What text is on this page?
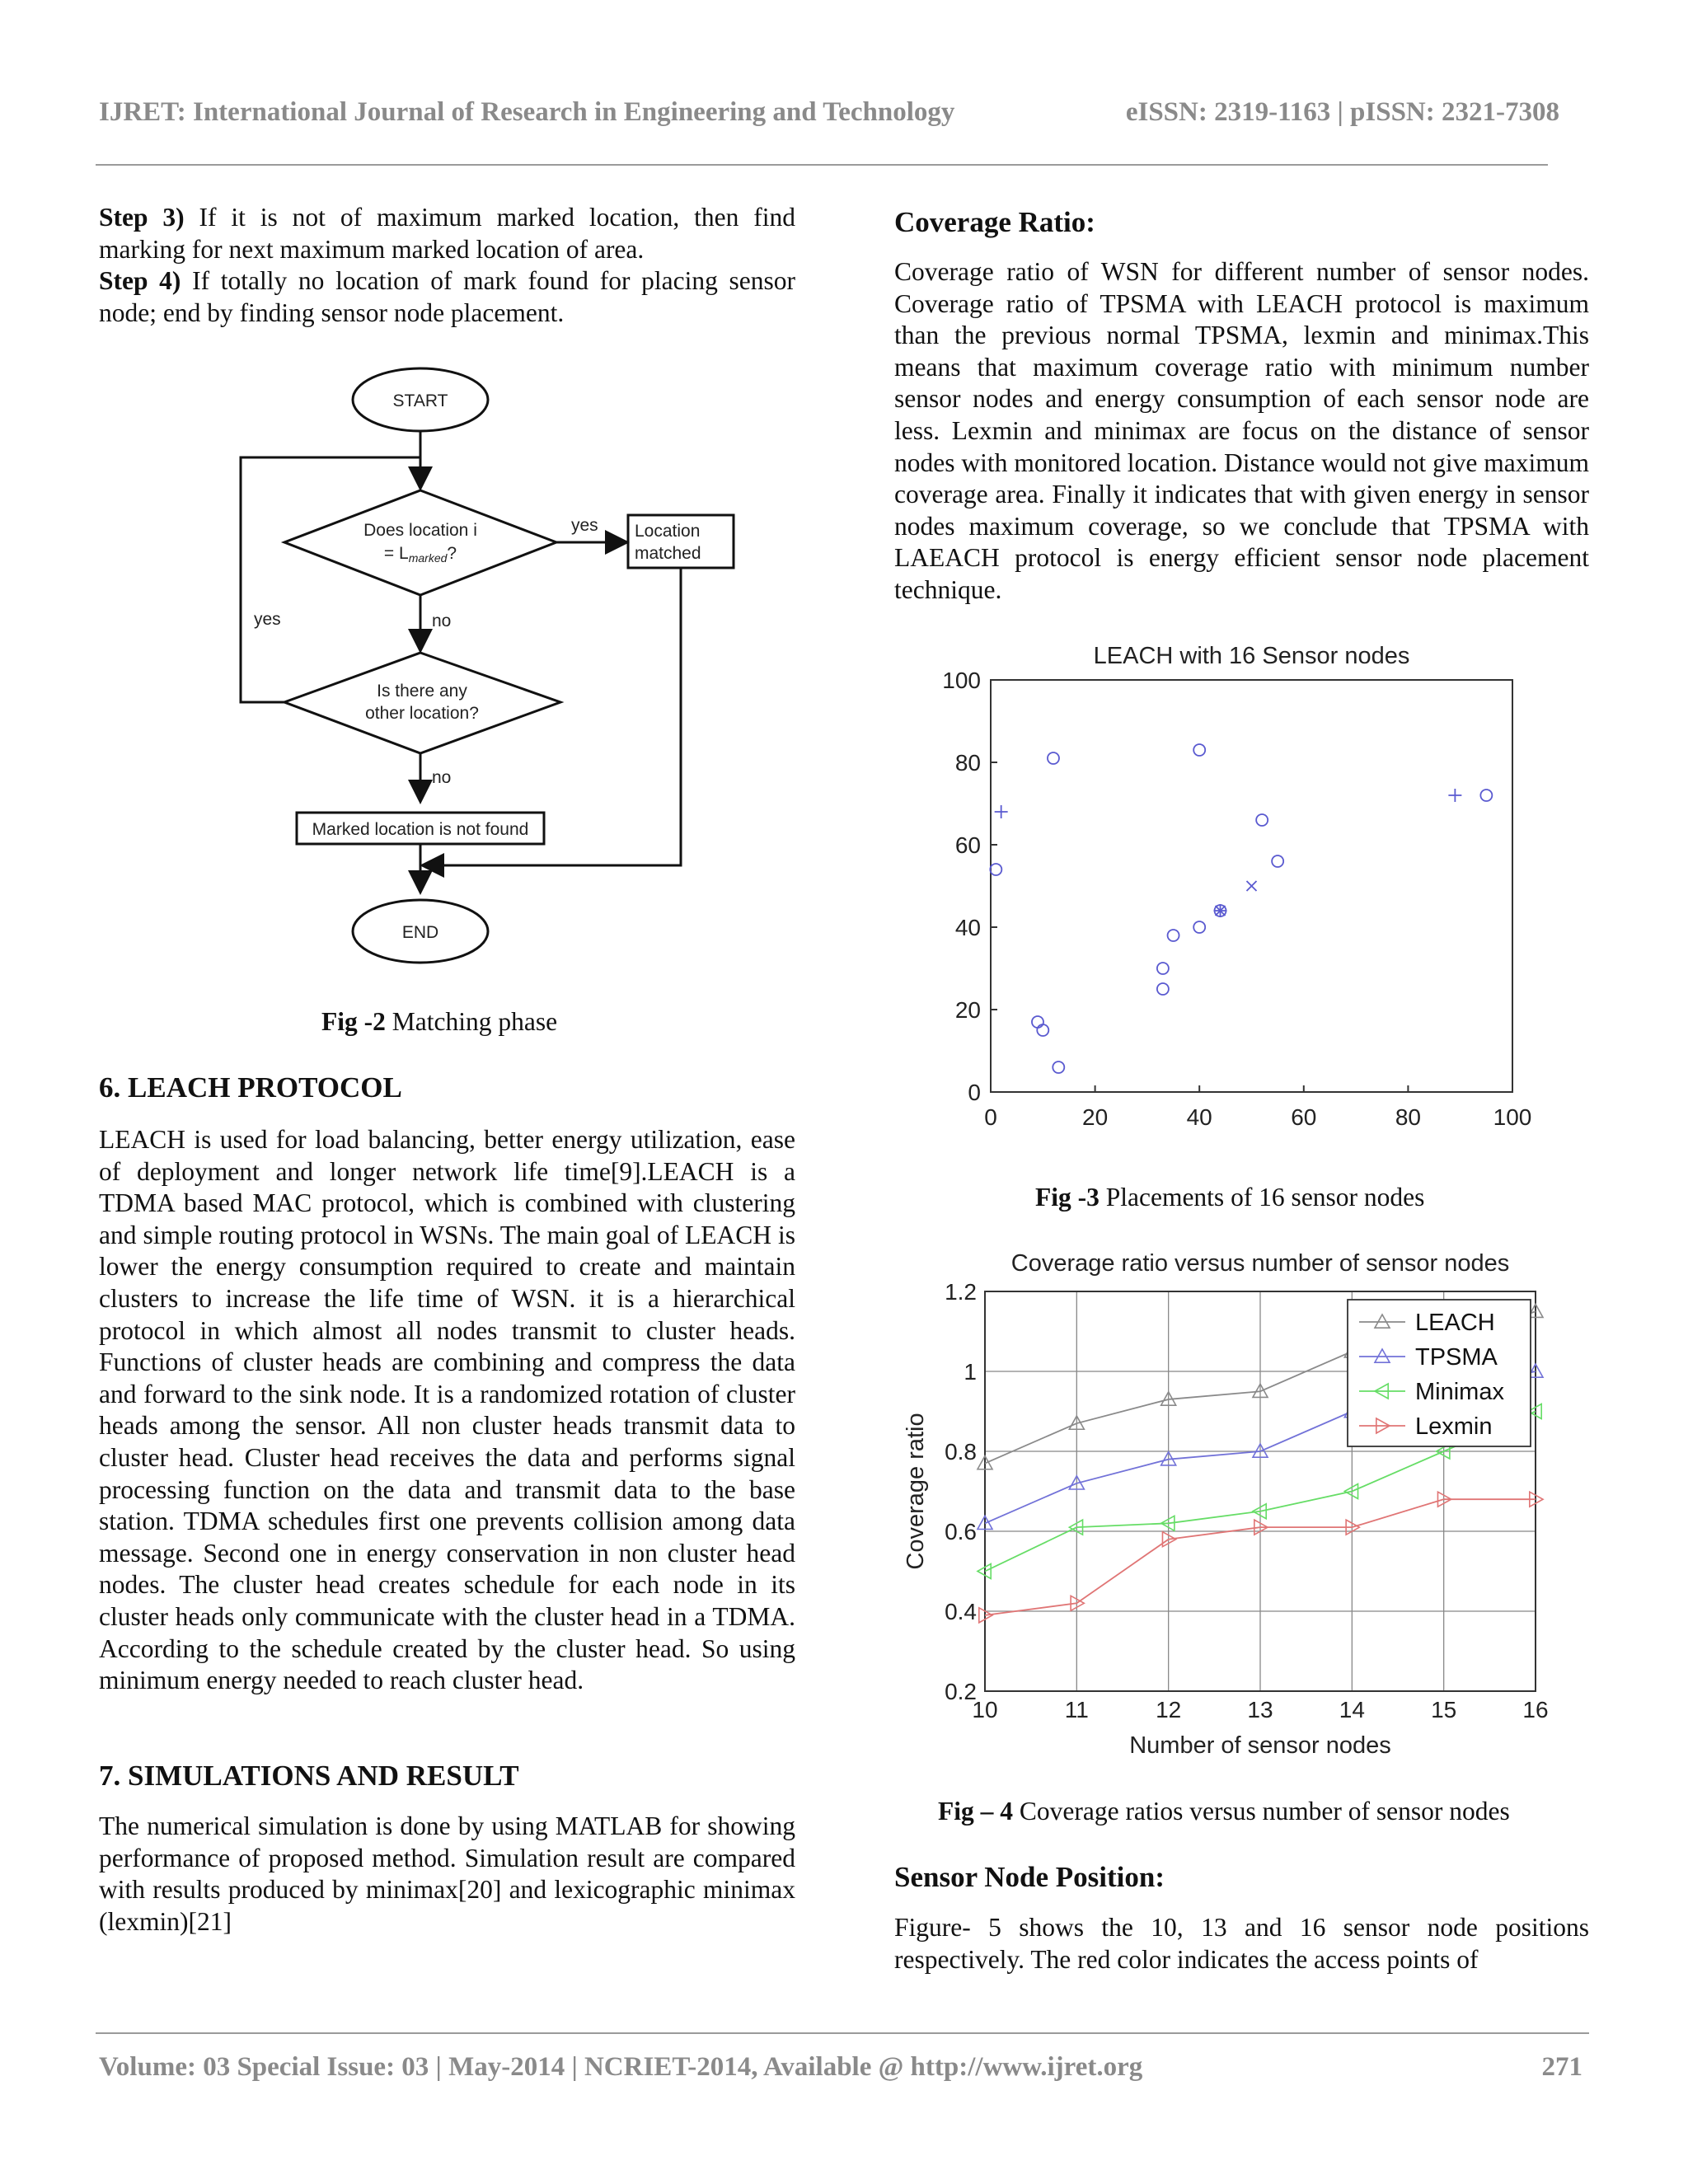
IJRET: International Journal of Research in Engineering and Technology	eISSN: 2319-1163 | pISSN: 2321-7308

Step 3) If it is not of maximum marked location, then find marking for next maximum marked location of area.

Step 4) If totally no location of mark found for placing sensor node; end by finding sensor node placement.

START
Does location i
= Lmarked?
yes Location
matched
yes	no
Is there any
other location?
no
Marked location is not found
END
Fig -2 Matching phase
6. LEACH PROTOCOL

LEACH is used for load balancing, better energy utilization, ease of deployment and longer network life time[9].LEACH is a TDMA based MAC protocol, which is combined with clustering and simple routing protocol in WSNs. The main goal of LEACH is lower the energy consumption required to create and maintain clusters to increase the life time of WSN. it is a hierarchical protocol in which almost all nodes transmit to cluster heads. Functions of cluster heads are combining and compress the data and forward to the sink node. It is a randomized rotation of cluster heads among the sensor. All non cluster heads transmit data to cluster head. Cluster head receives the data and performs signal processing function on the data and transmit data to the base station. TDMA schedules first one prevents collision among data message. Second one in energy conservation in non cluster head nodes. The cluster head creates schedule for each node in its cluster heads only communicate with the cluster head in a TDMA. According to the schedule created by the cluster head. So using minimum energy needed to reach cluster head.

7. SIMULATIONS AND RESULT

The numerical simulation is done by using MATLAB for showing performance of proposed method. Simulation result are compared with results produced by minimax[20] and lexicographic minimax (lexmin)[21]

Coverage Ratio:

Coverage ratio of WSN for different number of sensor nodes. Coverage ratio of TPSMA with LEACH protocol is maximum than the previous normal TPSMA, lexmin and minimax.This means that maximum coverage ratio with minimum number sensor nodes and energy consumption of each sensor node are less. Lexmin and minimax are focus on the distance of sensor nodes with monitored location. Distance would not give maximum coverage area. Finally it indicates that with given energy in sensor nodes maximum coverage, so we conclude that TPSMA with LAEACH protocol is energy efficient sensor node placement technique.

LEACH with 16 Sensor nodes
0	20	40	60	80	100
0
20
40
60
80
100
Fig -3 Placements of 16 sensor nodes
Coverage ratio versus number of sensor nodes
10	11	12	13	14	15	16
0.2
0.4
0.6
0.8
1
1.2
Number of sensor nodes
Coverage ratio
LEACH
TPSMA
Minimax
Lexmin
Fig – 4 Coverage ratios versus number of sensor nodes
Sensor Node Position:

Figure- 5 shows the 10, 13 and 16 sensor node positions respectively. The red color indicates the access points of

Volume: 03 Special Issue: 03 | May-2014 | NCRIET-2014, Available @ http://www.ijret.org	271
